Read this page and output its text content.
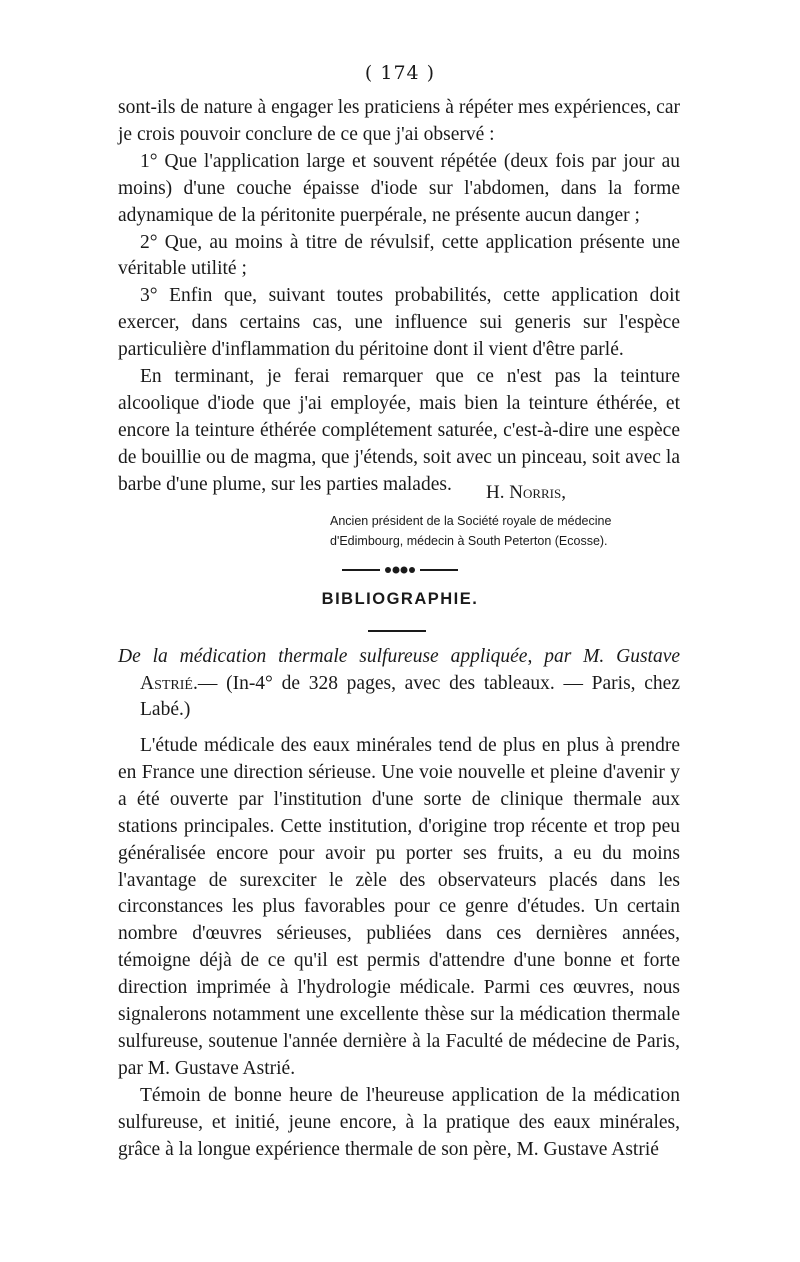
( 174 )

sont-ils de nature à engager les praticiens à répéter mes expériences, car je crois pouvoir conclure de ce que j'ai observé :

1° Que l'application large et souvent répétée (deux fois par jour au moins) d'une couche épaisse d'iode sur l'abdomen, dans la forme adynamique de la péritonite puerpérale, ne présente aucun danger ;

2° Que, au moins à titre de révulsif, cette application présente une véritable utilité ;

3° Enfin que, suivant toutes probabilités, cette application doit exercer, dans certains cas, une influence sui generis sur l'espèce particulière d'inflammation du péritoine dont il vient d'être parlé.

En terminant, je ferai remarquer que ce n'est pas la teinture alcoolique d'iode que j'ai employée, mais bien la teinture éthérée, et encore la teinture éthérée complétement saturée, c'est-à-dire une espèce de bouillie ou de magma, que j'étends, soit avec un pinceau, soit avec la barbe d'une plume, sur les parties malades.	H. Norris,
Ancien président de la Société royale de médecine
d'Edimbourg, médecin à South Peterton (Ecosse).
BIBLIOGRAPHIE.

De la médication thermale sulfureuse appliquée, par M. Gustave Astrié.— (In-4° de 328 pages, avec des tableaux. — Paris, chez Labé.)

L'étude médicale des eaux minérales tend de plus en plus à prendre en France une direction sérieuse. Une voie nouvelle et pleine d'avenir y a été ouverte par l'institution d'une sorte de clinique thermale aux stations principales. Cette institution, d'origine trop récente et trop peu généralisée encore pour avoir pu porter ses fruits, a eu du moins l'avantage de surexciter le zèle des observateurs placés dans les circonstances les plus favorables pour ce genre d'études. Un certain nombre d'œuvres sérieuses, publiées dans ces dernières années, témoigne déjà de ce qu'il est permis d'attendre d'une bonne et forte direction imprimée à l'hydrologie médicale. Parmi ces œuvres, nous signalerons notamment une excellente thèse sur la médication thermale sulfureuse, soutenue l'année dernière à la Faculté de médecine de Paris, par M. Gustave Astrié.

Témoin de bonne heure de l'heureuse application de la médication sulfureuse, et initié, jeune encore, à la pratique des eaux minérales, grâce à la longue expérience thermale de son père, M. Gustave Astrié
